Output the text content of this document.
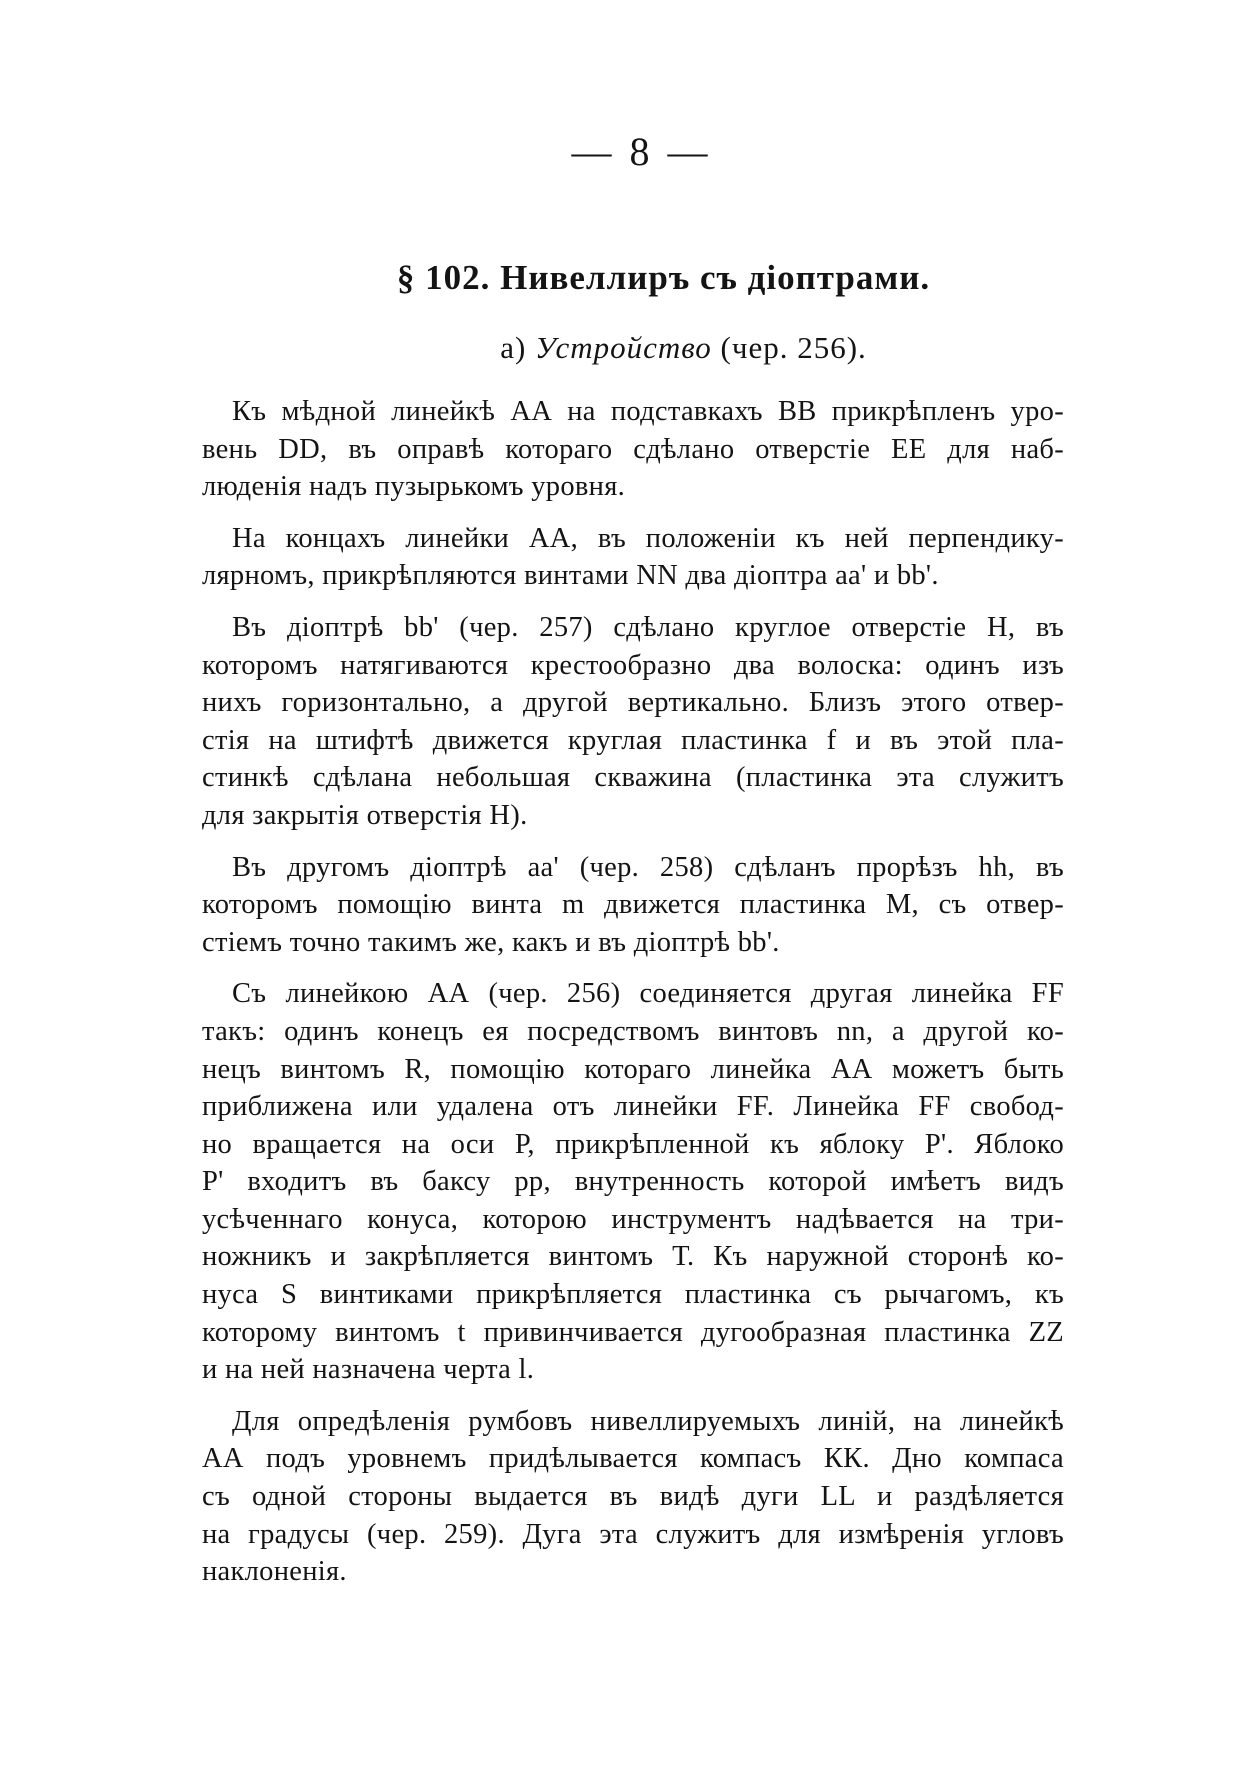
— 8 —
§ 102. Нивеллиръ съ діоптрами.
а) Устройство (чер. 256).
Къ мѣдной линейкѣ АА на подставкахъ ВВ прикрѣпленъ уро-
вень DD, въ оправѣ котораго сдѣлано отверстіе ЕЕ для наб-
люденія надъ пузырькомъ уровня.
На концахъ линейки АА, въ положеніи къ ней перпендику-
лярномъ, прикрѣпляются винтами NN два діоптра aa' и bb'.
Въ діоптрѣ bb' (чер. 257) сдѣлано круглое отверстіе Н, въ
которомъ натягиваются крестообразно два волоска: одинъ изъ
нихъ горизонтально, а другой вертикально. Близъ этого отвер-
стія на штифтѣ движется круглая пластинка f и въ этой пла-
стинкѣ сдѣлана небольшая скважина (пластинка эта служитъ
для закрытія отверстія Н).
Въ другомъ діоптрѣ aa' (чер. 258) сдѣланъ прорѣзъ hh, въ
которомъ помощію винта m движется пластинка М, съ отвер-
стіемъ точно такимъ же, какъ и въ діоптрѣ bb'.
Съ линейкою АА (чер. 256) соединяется другая линейка FF
такъ: одинъ конецъ ея посредствомъ винтовъ nn, а другой ко-
нецъ винтомъ R, помощію котораго линейка АА можетъ быть
приближена или удалена отъ линейки FF. Линейка FF свобод-
но вращается на оси Р, прикрѣпленной къ яблоку Р'. Яблоко
Р' входитъ въ баксу pp, внутренность которой имѣетъ видъ
усѣченнаго конуса, которою инструментъ надѣвается на три-
ножникъ и закрѣпляется винтомъ Т. Къ наружной сторонѣ ко-
нуса S винтиками прикрѣпляется пластинка съ рычагомъ, къ
которому винтомъ t привинчивается дугообразная пластинка ZZ
и на ней назначена черта l.
Для опредѣленія румбовъ нивеллируемыхъ линій, на линейкѣ
АА подъ уровнемъ придѣлывается компасъ КК. Дно компаса
съ одной стороны выдается въ видѣ дуги LL и раздѣляется
на градусы (чер. 259). Дуга эта служитъ для измѣренія угловъ
наклоненія.
